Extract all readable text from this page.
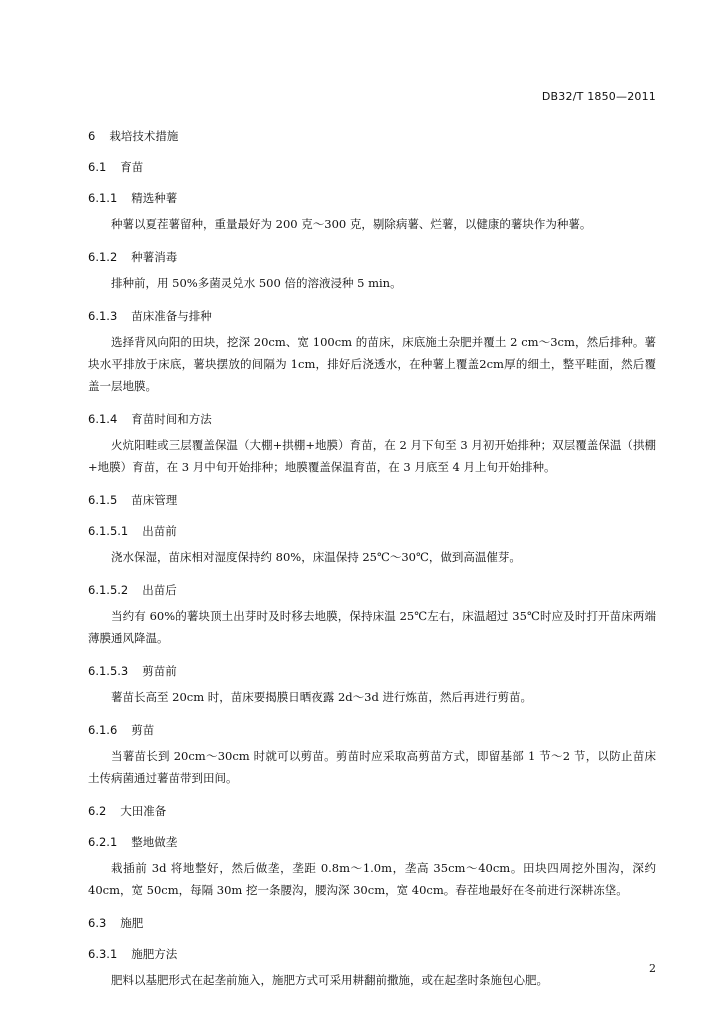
DB32/T 1850—2011
6 栽培技术措施
6.1 育苗
6.1.1 精选种薯

种薯以夏茬薯留种，重量最好为 200 克～300 克，剔除病薯、烂薯，以健康的薯块作为种薯。

6.1.2 种薯消毒

排种前，用 50%多菌灵兑水 500 倍的溶液浸种 5 min。

6.1.3 苗床准备与排种

选择背风向阳的田块，挖深 20cm、宽 100cm 的苗床，床底施土杂肥并覆土 2 cm～3cm，然后排种。薯块水平排放于床底，薯块摆放的间隔为 1cm，排好后浇透水，在种薯上覆盖2cm厚的细土，整平畦面，然后覆盖一层地膜。

6.1.4 育苗时间和方法

火炕阳畦或三层覆盖保温（大棚+拱棚+地膜）育苗，在 2 月下旬至 3 月初开始排种；双层覆盖保温（拱棚+地膜）育苗，在 3 月中旬开始排种；地膜覆盖保温育苗，在 3 月底至 4 月上旬开始排种。

6.1.5 苗床管理
6.1.5.1 出苗前

浇水保湿，苗床相对湿度保持约 80%，床温保持 25℃～30℃，做到高温催芽。

6.1.5.2 出苗后

当约有 60%的薯块顶土出芽时及时移去地膜，保持床温 25℃左右，床温超过 35℃时应及时打开苗床两端薄膜通风降温。

6.1.5.3 剪苗前

薯苗长高至 20cm 时，苗床要揭膜日晒夜露 2d～3d 进行炼苗，然后再进行剪苗。

6.1.6 剪苗

当薯苗长到 20cm～30cm 时就可以剪苗。剪苗时应采取高剪苗方式，即留基部 1 节～2 节，以防止苗床土传病菌通过薯苗带到田间。

6.2 大田准备
6.2.1 整地做垄

栽插前 3d 将地整好，然后做垄，垄距 0.8m～1.0m，垄高 35cm～40cm。田块四周挖外围沟，深约 40cm，宽 50cm，每隔 30m 挖一条腰沟，腰沟深 30cm，宽 40cm。春茬地最好在冬前进行深耕冻垡。

6.3 施肥
6.3.1 施肥方法

肥料以基肥形式在起垄前施入，施肥方式可采用耕翻前撒施，或在起垄时条施包心肥。

2
